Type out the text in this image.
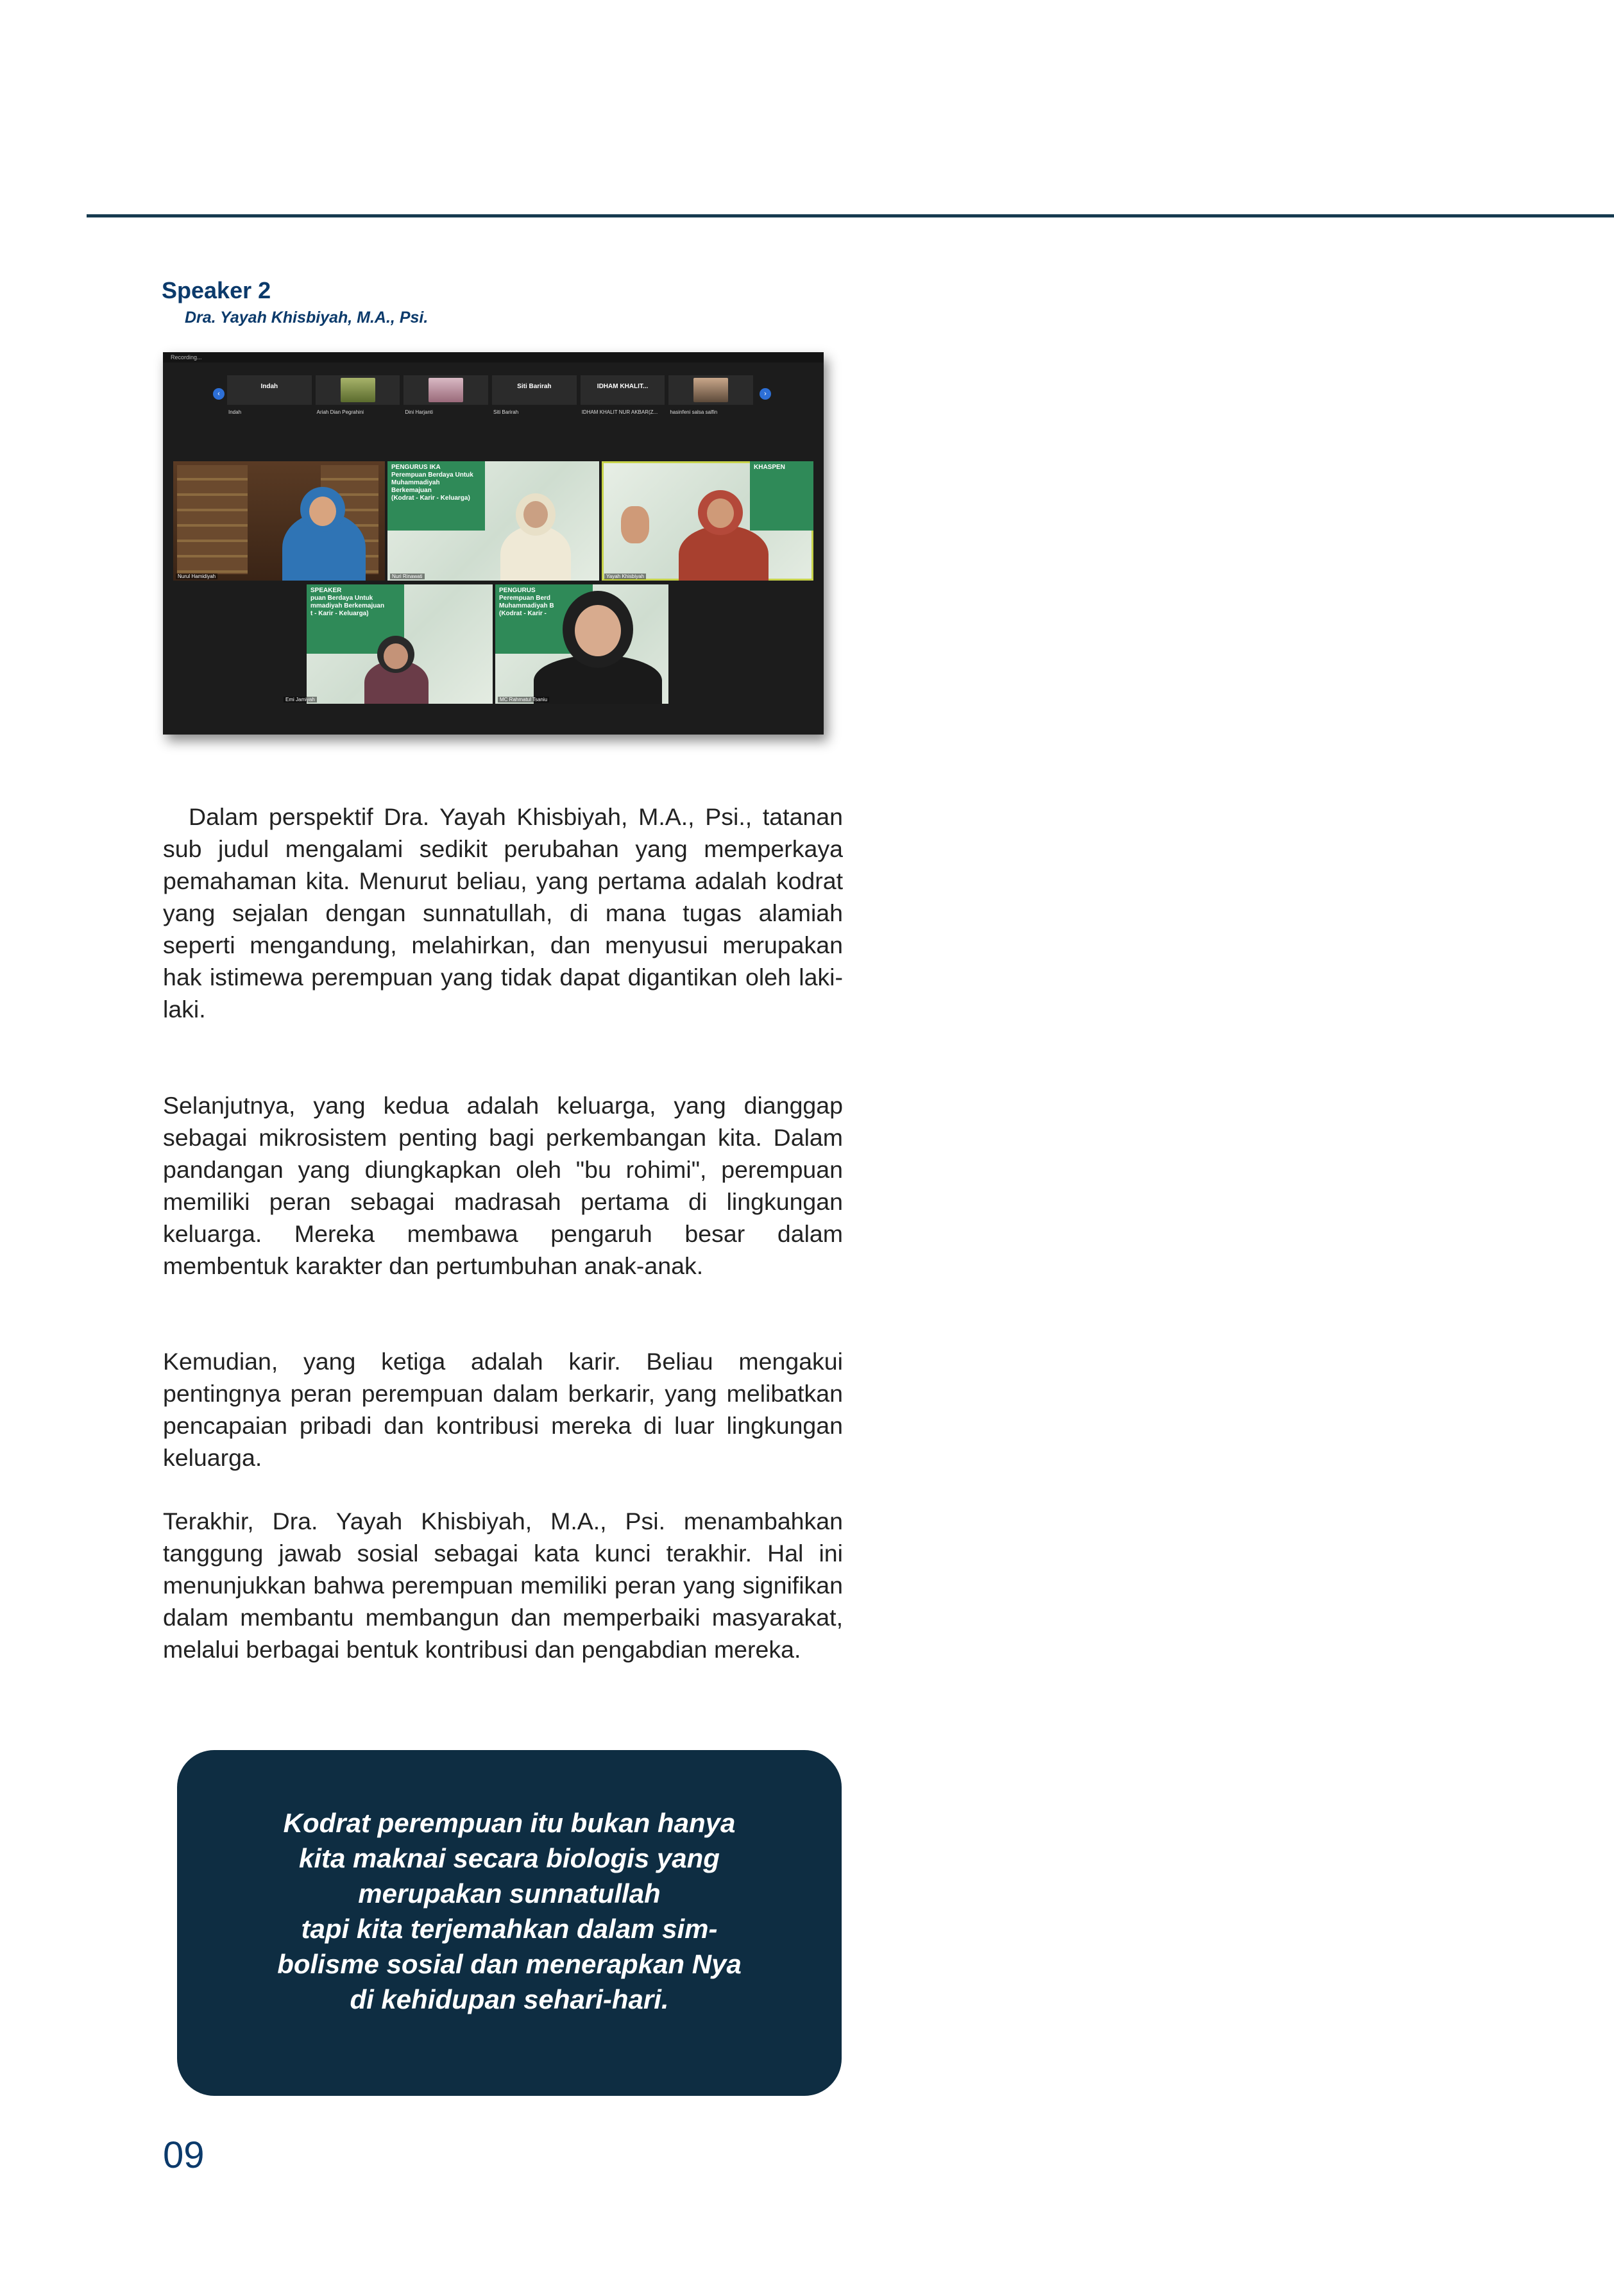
Speaker 2
Dra. Yayah Khisbiyah, M.A., Psi.
Recording...
‹	›
Indah
Indah	Ariah Dian Pegrahini	Dini Harjanti
Siti Barirah
Siti Barirah
IDHAM KHALIT...
IDHAM KHALIT NUR AKBAR(Z... hasinfeni salsa salfin
Nurul Hamidiyah
PENGURUS IKA
Perempuan Berdaya Untuk
Muhammadiyah Berkemajuan
(Kodrat - Karir - Keluarga)
Nuri Rinawati
KHASPEN
Yayah Khisbiyah
SPEAKER
puan Berdaya Untuk
mmadiyah Berkemajuan
t - Karir - Keluarga)
Emi Jamiyah
PENGURUS
Perempuan Berd
Muhammadiyah B
(Kodrat - Karir -
MC Rahmatul Tsaniu

Dalam perspektif Dra. Yayah Khisbiyah, M.A., Psi., tatanan sub judul mengalami sedikit perubahan yang memperkaya pemahaman kita. Menurut beliau, yang pertama adalah kodrat yang sejalan dengan sunnatullah, di mana tugas alamiah seperti mengandung, melahirkan, dan menyusui merupakan hak istimewa perempuan yang tidak dapat digantikan oleh laki-laki.

Selanjutnya, yang kedua adalah keluarga, yang dianggap sebagai mikrosistem penting bagi perkembangan kita. Dalam pandangan yang diungkapkan oleh "bu rohimi", perempuan memiliki peran sebagai madrasah pertama di lingkungan keluarga. Mereka membawa pengaruh besar dalam membentuk karakter dan pertumbuhan anak-anak.

Kemudian, yang ketiga adalah karir. Beliau mengakui pentingnya peran perempuan dalam berkarir, yang melibatkan pencapaian pribadi dan kontribusi mereka di luar lingkungan keluarga.

Terakhir, Dra. Yayah Khisbiyah, M.A., Psi. menambahkan tanggung jawab sosial sebagai kata kunci terakhir. Hal ini menunjukkan bahwa perempuan memiliki peran yang signifikan dalam membantu membangun dan memperbaiki masyarakat, melalui berbagai bentuk kontribusi dan pengabdian mereka.

Kodrat perempuan itu bukan hanya
kita maknai secara biologis yang
merupakan sunnatullah
tapi kita terjemahkan dalam sim-
bolisme sosial dan menerapkan Nya
di kehidupan sehari-hari.
09
